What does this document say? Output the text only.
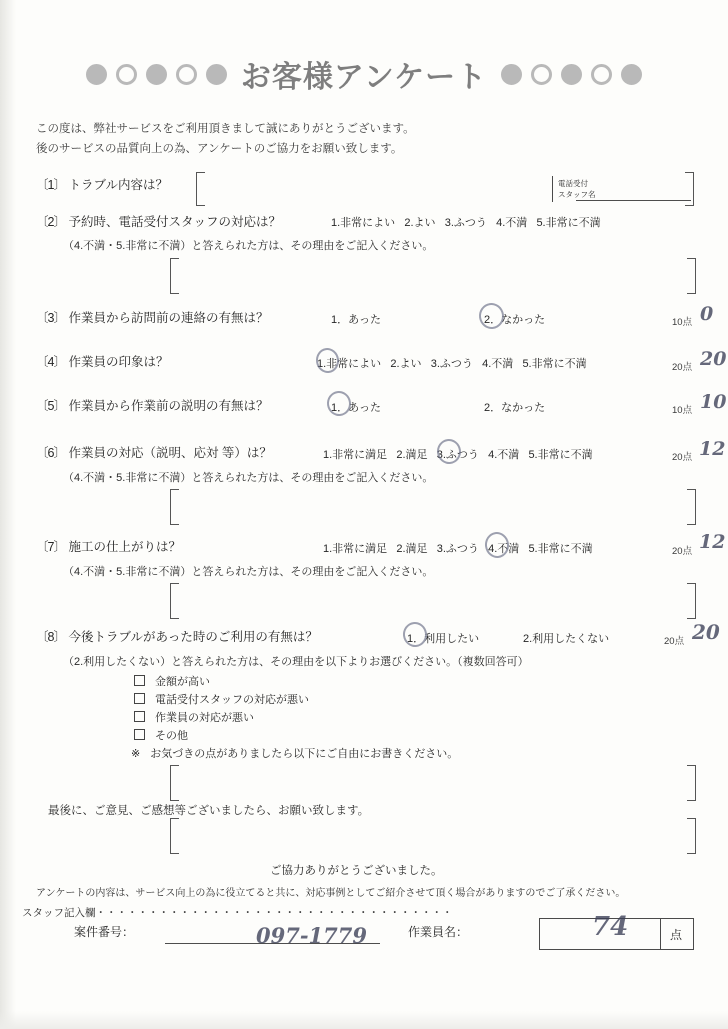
お客様アンケート
この度は、弊社サービスをご利用頂きまして誠にありがとうございます。
後のサービスの品質向上の為、アンケートのご協力をお願い致します。
〔1〕 トラブル内容は？	電話受付
スタッフ名
〔2〕 予約時、電話受付スタッフの対応は？	1.非常によい 2.よい 3.ふつう 4.不満 5.非常に不満
（4.不満・5.非常に不満）と答えられた方は、その理由をご記入ください。
〔3〕 作業員から訪問前の連絡の有無は？	1．あった	2．なかった	10点 0
〔4〕 作業員の印象は？	1.非常によい 2.よい 3.ふつう 4.不満 5.非常に不満	20点 20
〔5〕 作業員から作業前の説明の有無は？	1．あった	2．なかった	10点 10
〔6〕 作業員の対応（説明、応対 等）は？	1.非常に満足 2.満足 3.ふつう 4.不満 5.非常に不満	20点 12
（4.不満・5.非常に不満）と答えられた方は、その理由をご記入ください。
〔7〕 施工の仕上がりは？	1.非常に満足 2.満足 3.ふつう 4.不満 5.非常に不満	20点 12
（4.不満・5.非常に不満）と答えられた方は、その理由をご記入ください。
〔8〕 今後トラブルがあった時のご利用の有無は？	1．利用したい	2.利用したくない	20点 20
（2.利用したくない）と答えられた方は、その理由を以下よりお選びください。（複数回答可）
金額が高い
電話受付スタッフの対応が悪い
作業員の対応が悪い
その他
※ お気づきの点がありましたら以下にご自由にお書きください。
最後に、ご意見、ご感想等ございましたら、お願い致します。
ご協力ありがとうございました。
アンケートの内容は、サービス向上の為に役立てると共に、対応事例としてご紹介させて頂く場合がありますのでご了承ください。
スタッフ記入欄・・・・・・・・・・・・・・・・・・・・・・・・・・・・・・・・・・
案件番号：	097-1779	作業員名：	点
74
